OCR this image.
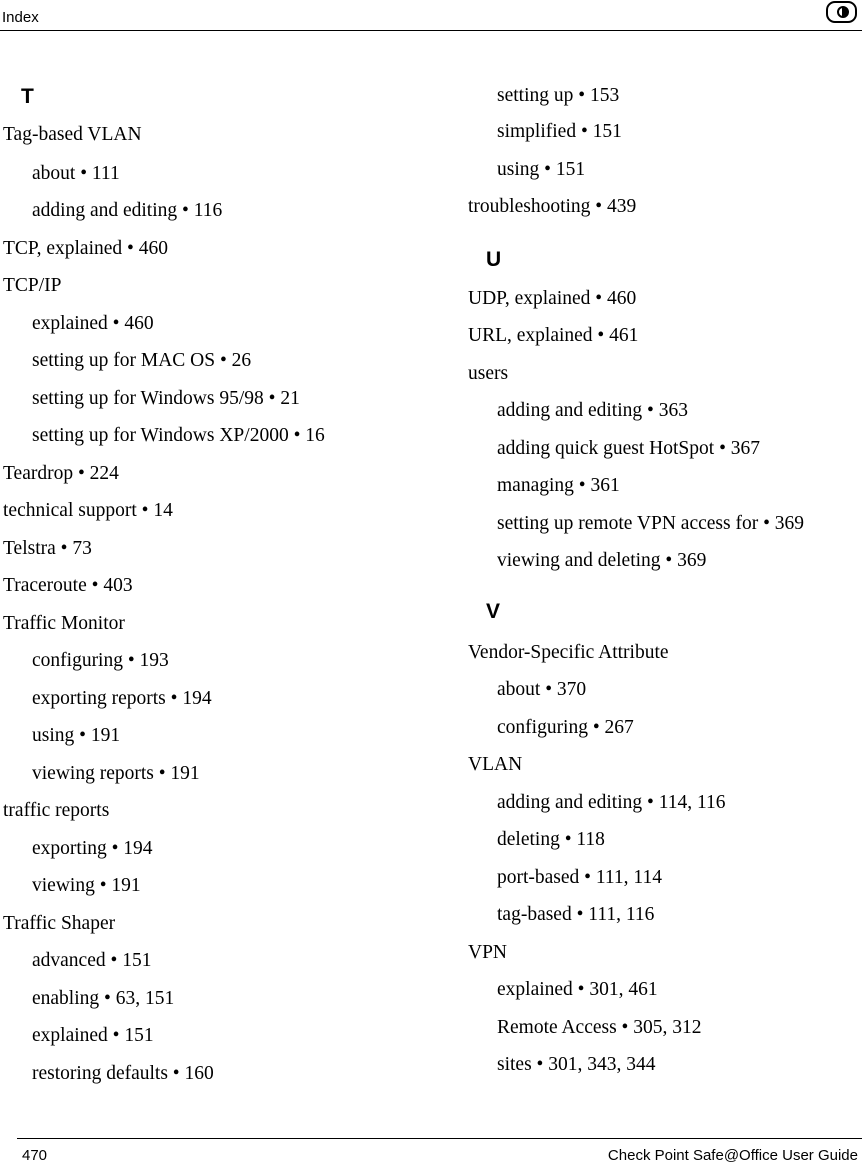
Index
T
Tag-based VLAN
about • 111
adding and editing • 116
TCP, explained • 460
TCP/IP
explained • 460
setting up for MAC OS • 26
setting up for Windows 95/98 • 21
setting up for Windows XP/2000 • 16
Teardrop • 224
technical support • 14
Telstra • 73
Traceroute • 403
Traffic Monitor
configuring • 193
exporting reports • 194
using • 191
viewing reports • 191
traffic reports
exporting • 194
viewing • 191
Traffic Shaper
advanced • 151
enabling • 63, 151
explained • 151
restoring defaults • 160
setting up • 153
simplified • 151
using • 151
troubleshooting • 439
U
UDP, explained • 460
URL, explained • 461
users
adding and editing • 363
adding quick guest HotSpot • 367
managing • 361
setting up remote VPN access for • 369
viewing and deleting • 369
V
Vendor-Specific Attribute
about • 370
configuring • 267
VLAN
adding and editing • 114, 116
deleting • 118
port-based • 111, 114
tag-based • 111, 116
VPN
explained • 301, 461
Remote Access • 305, 312
sites • 301, 343, 344
470	Check Point Safe@Office User Guide
